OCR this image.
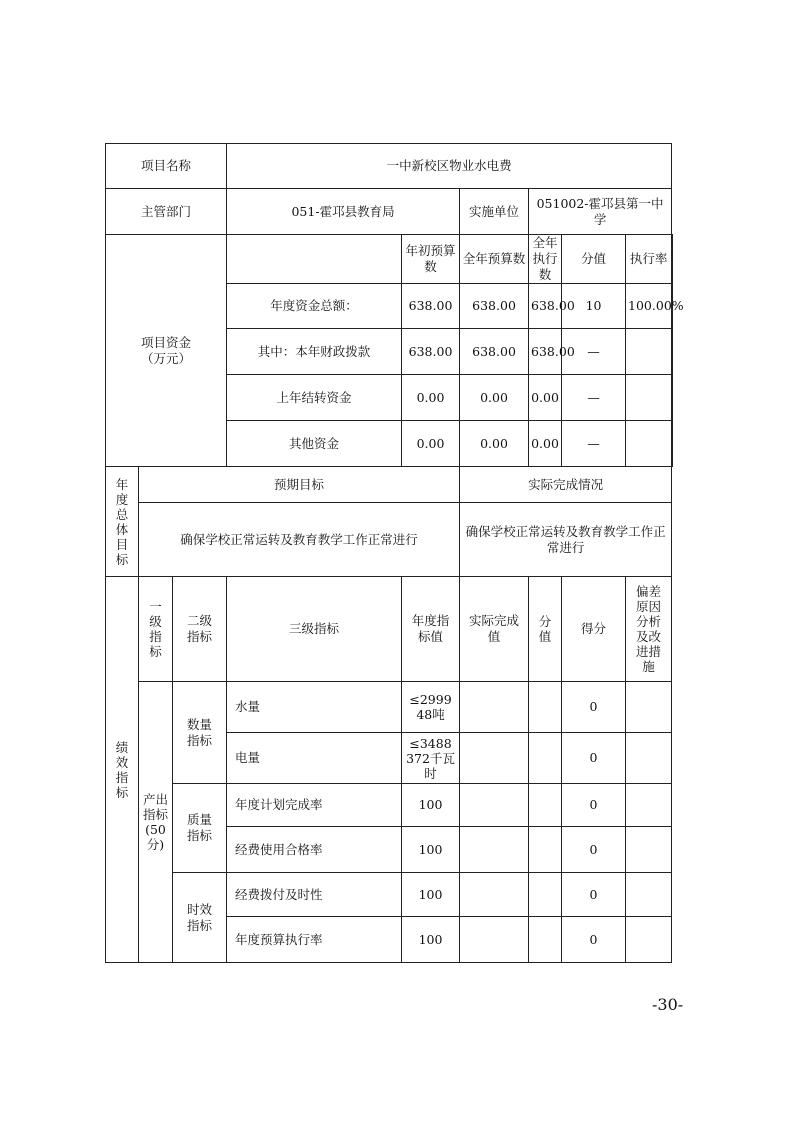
项目名称			一中新校区物业水电费						
主管部门			051-霍邛县教育局		实施单位	051002-霍邛县第一中学			

项目资金（万元）				年初预算数	全年预算数	全年执行数	分值	执行率	
			年度资金总额：	638.00	638.00	638.00	10	100.00%	

			其中：本年财政拨款	638.00	638.00	638.00	—		
			上年结转资金	0.00	0.00	0.00	—		

			其他资金	0.00	0.00	0.00	—		

年度总体目标	预期目标				实际完成情况				
	确保学校正常运转及教育教学工作正常进行				确保学校正常运转及教育教学工作正常进行				

绩效指标	一级指标	二级指标	三级指标	年度指标值	实际完成值	分值	得分	偏差原因分析及改进措施	

	产出指标(50分)	数量指标	水量	≤299948吨			0		
			电量	≤3488372千瓦时			0		

		质量指标	年度计划完成率	100			0		
			经费使用合格率	100			0		

		时效指标	经费拨付及时性	100			0		
			年度预算执行率	100			0		
-30-
